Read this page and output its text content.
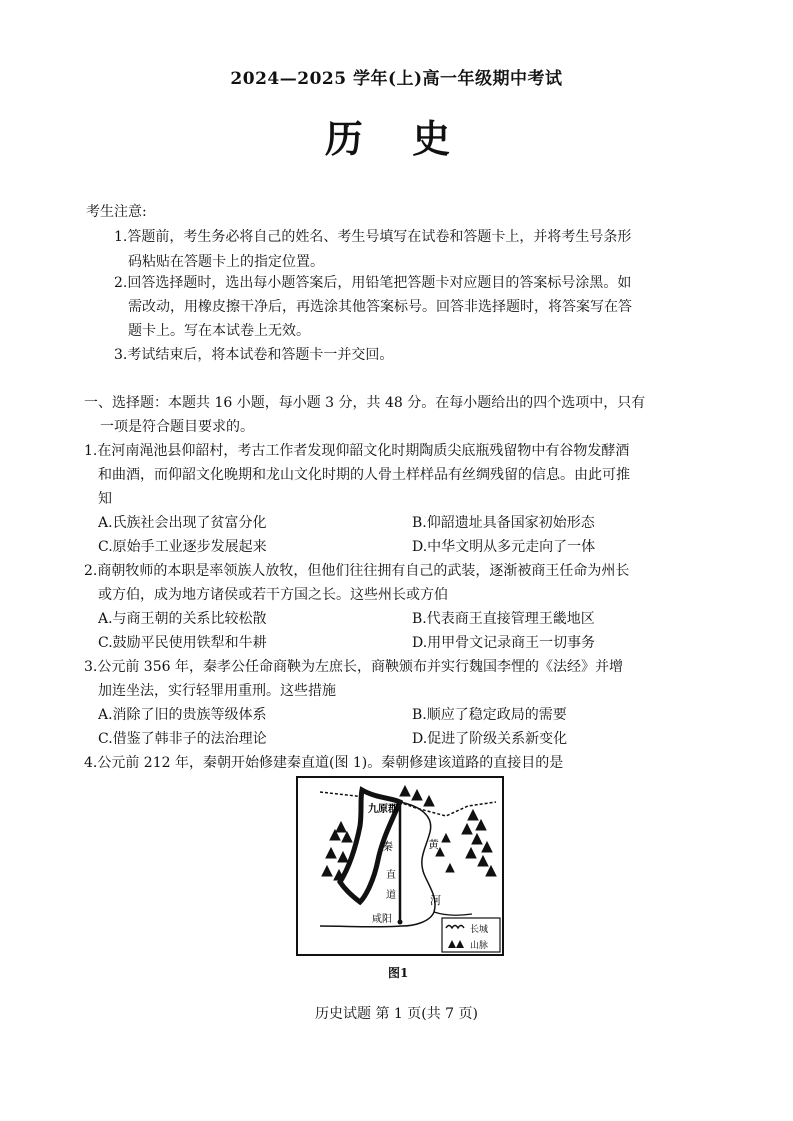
2024—2025 学年(上)高一年级期中考试
历 史
考生注意:
1.答题前，考生务必将自己的姓名、考生号填写在试卷和答题卡上，并将考生号条形
码粘贴在答题卡上的指定位置。
2.回答选择题时，选出每小题答案后，用铅笔把答题卡对应题目的答案标号涂黑。如
需改动，用橡皮擦干净后，再选涂其他答案标号。回答非选择题时，将答案写在答
题卡上。写在本试卷上无效。
3.考试结束后，将本试卷和答题卡一并交回。
一、选择题：本题共 16 小题，每小题 3 分，共 48 分。在每小题给出的四个选项中，只有
一项是符合题目要求的。
1.在河南渑池县仰韶村，考古工作者发现仰韶文化时期陶质尖底瓶残留物中有谷物发酵酒
和曲酒，而仰韶文化晚期和龙山文化时期的人骨土样样品有丝绸残留的信息。由此可推
知
A.氏族社会出现了贫富分化	B.仰韶遗址具备国家初始形态
C.原始手工业逐步发展起来	D.中华文明从多元走向了一体
2.商朝牧师的本职是率领族人放牧，但他们往往拥有自己的武装，逐渐被商王任命为州长
或方伯，成为地方诸侯或若干方国之长。这些州长或方伯
A.与商王朝的关系比较松散	B.代表商王直接管理王畿地区
C.鼓励平民使用铁犁和牛耕	D.用甲骨文记录商王一切事务
3.公元前 356 年，秦孝公任命商鞅为左庶长，商鞅颁布并实行魏国李悝的《法经》并增
加连坐法，实行轻罪用重刑。这些措施
A.消除了旧的贵族等级体系	B.顺应了稳定政局的需要
C.借鉴了韩非子的法治理论	D.促进了阶级关系新变化
4.公元前 212 年，秦朝开始修建秦直道(图 1)。秦朝修建该道路的直接目的是
九原郡
秦
直
道
咸阳
黄
河
长城
山脉
图1
历史试题 第 1 页(共 7 页)
